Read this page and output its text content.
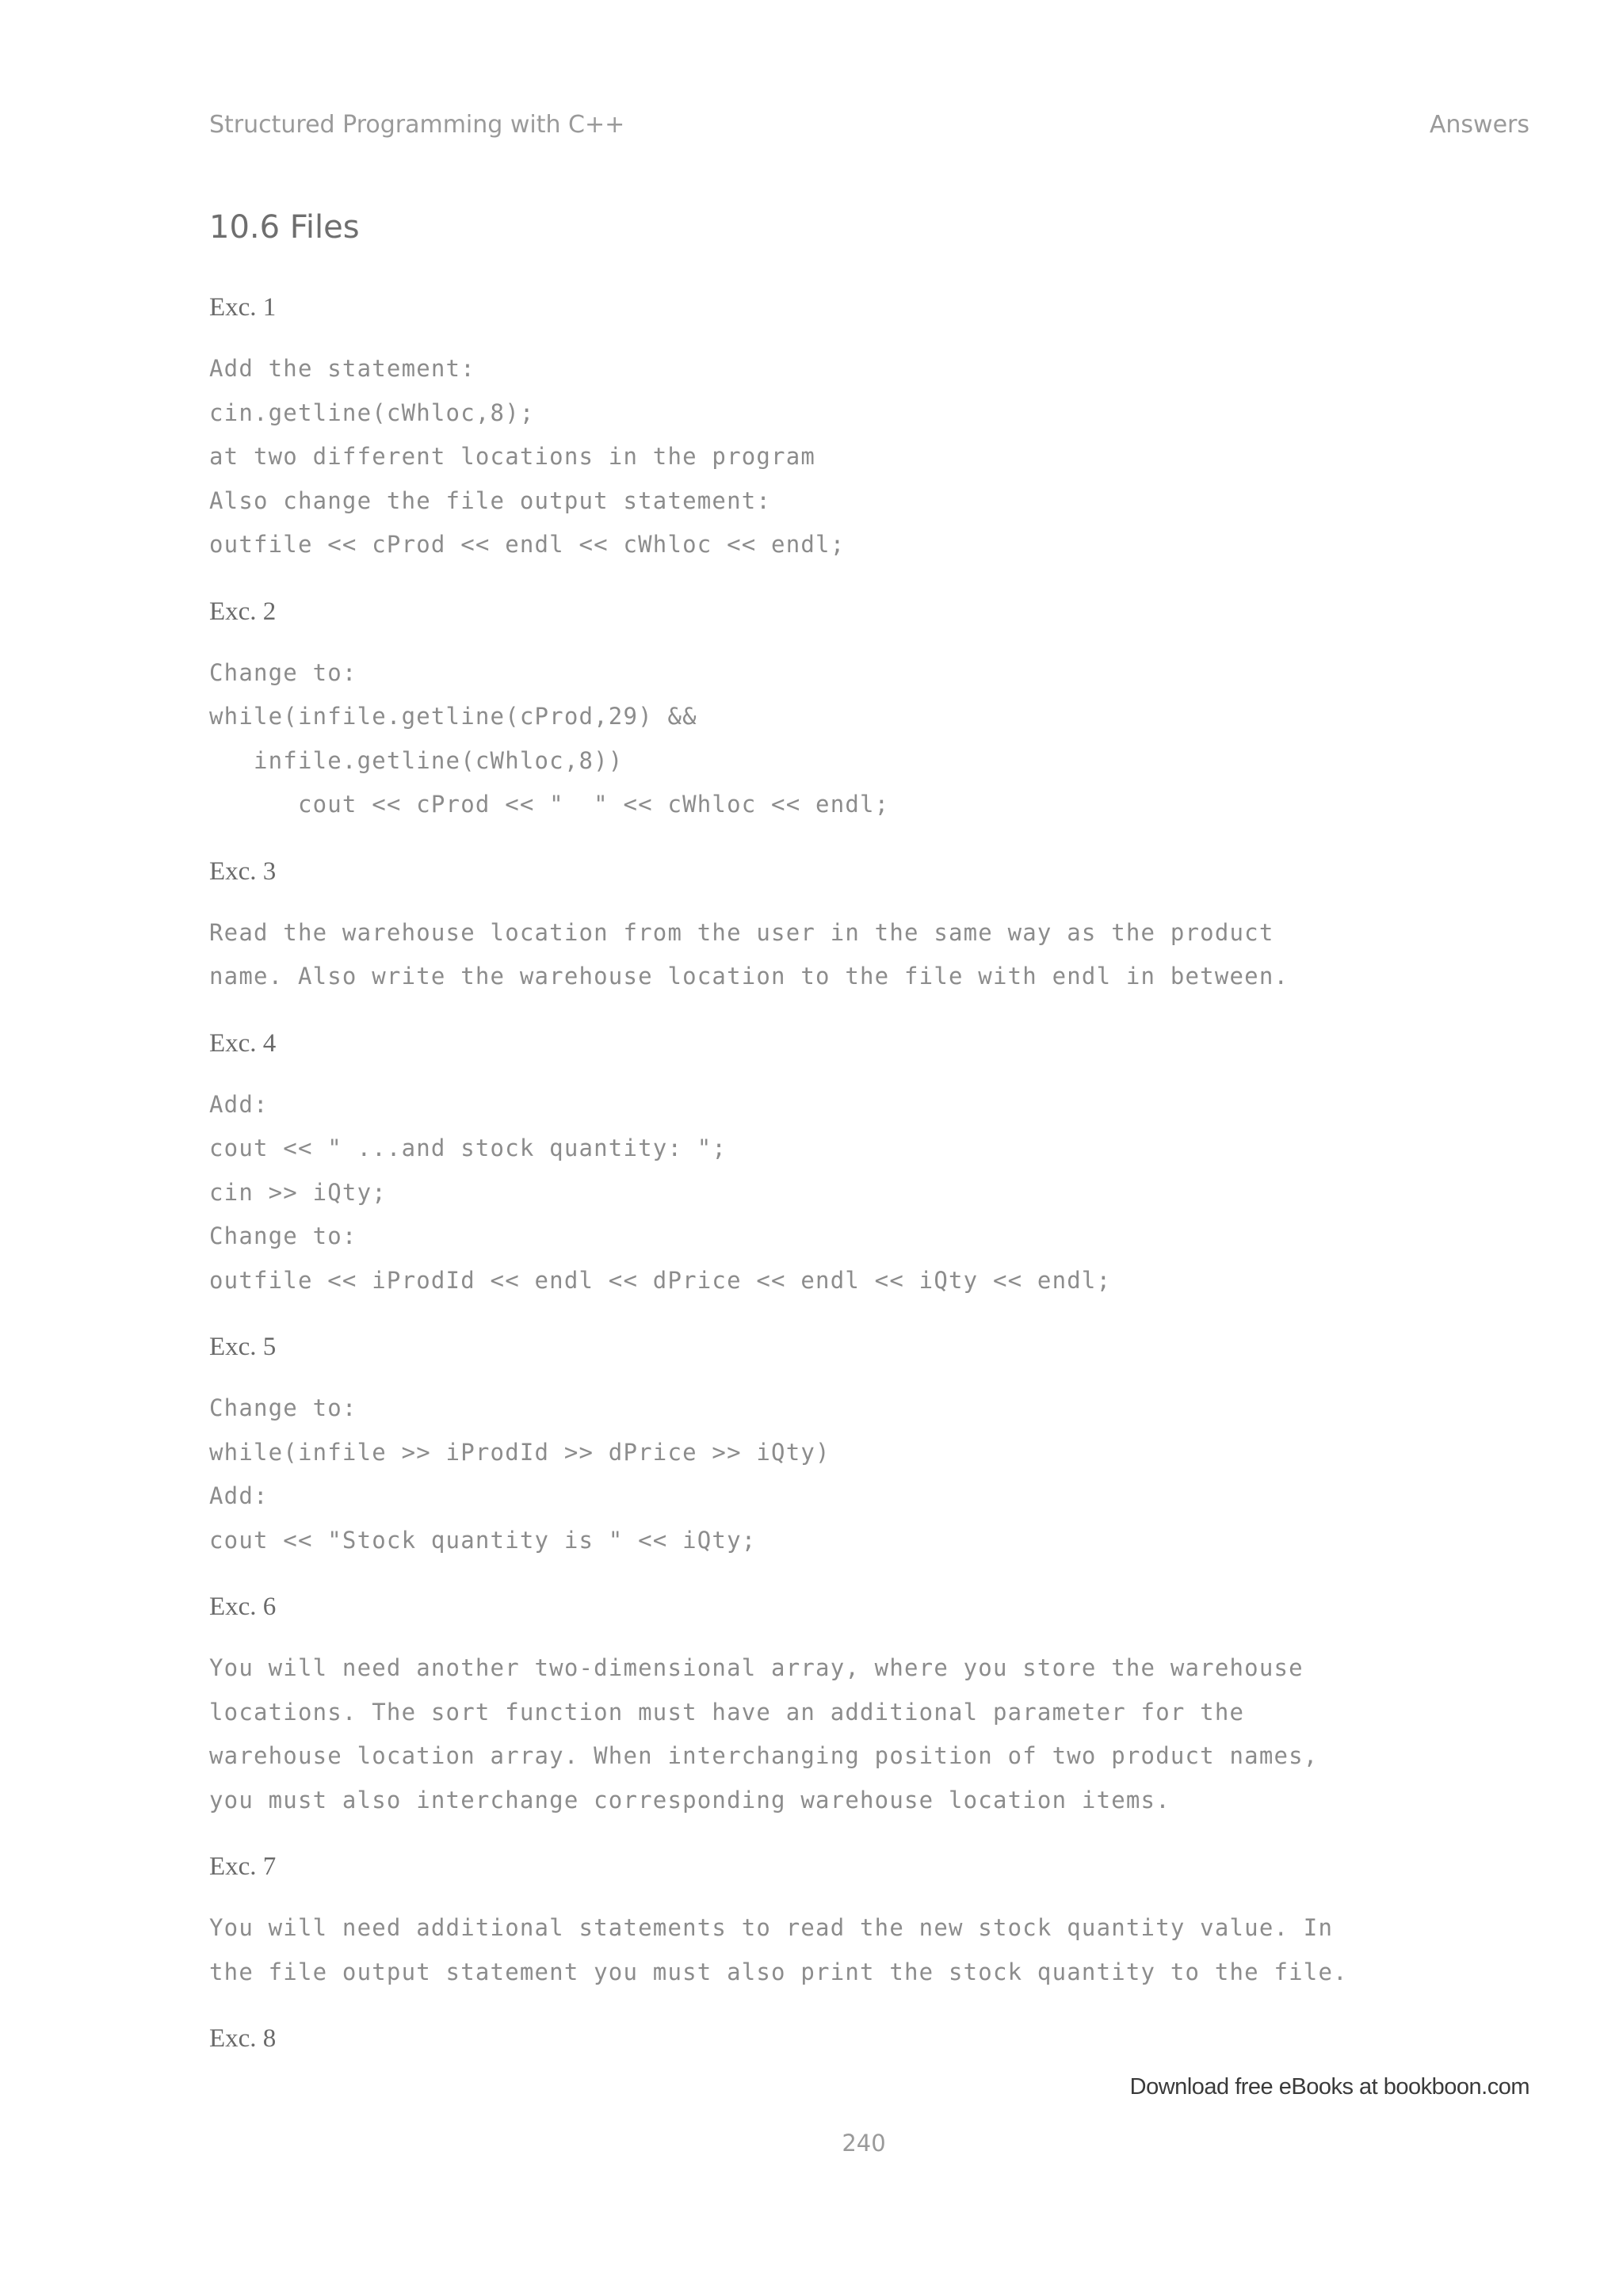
Structured Programming with C++	Answers
10.6 Files
Exc. 1
Add the statement:
cin.getline(cWhloc,8);
at two different locations in the program
Also change the file output statement:
outfile << cProd << endl << cWhloc << endl;
Exc. 2
Change to:
while(infile.getline(cProd,29) &&
infile.getline(cWhloc,8))
cout << cProd << "  " << cWhloc << endl;
Exc. 3
Read the warehouse location from the user in the same way as the product
name. Also write the warehouse location to the file with endl in between.
Exc. 4
Add:
cout << " ...and stock quantity: ";
cin >> iQty;
Change to:
outfile << iProdId << endl << dPrice << endl << iQty << endl;
Exc. 5
Change to:
while(infile >> iProdId >> dPrice >> iQty)
Add:
cout << "Stock quantity is " << iQty;
Exc. 6
You will need another two-dimensional array, where you store the warehouse
locations. The sort function must have an additional parameter for the
warehouse location array. When interchanging position of two product names,
you must also interchange corresponding warehouse location items.
Exc. 7
You will need additional statements to read the new stock quantity value. In
the file output statement you must also print the stock quantity to the file.
Exc. 8
Download free eBooks at bookboon.com
240
